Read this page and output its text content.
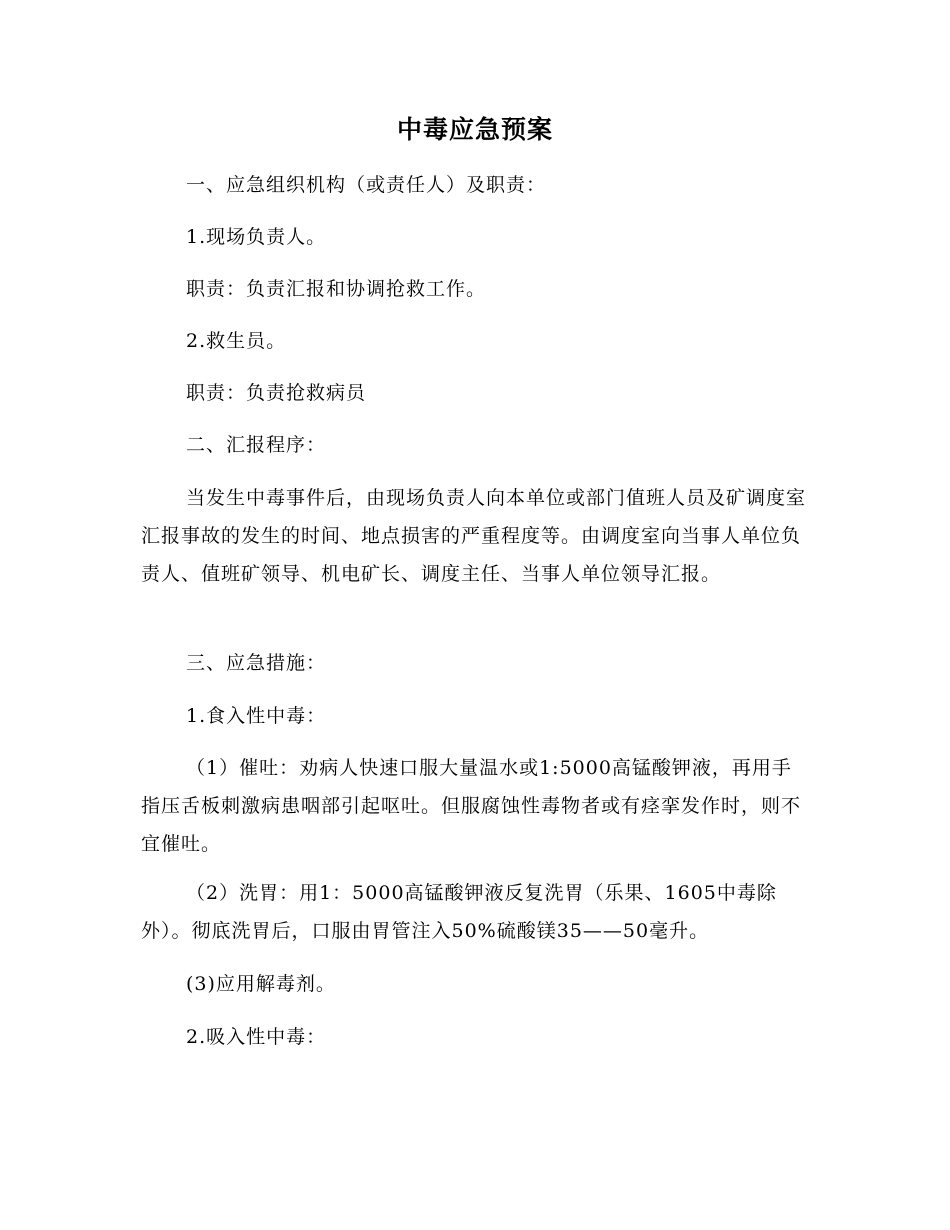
中毒应急预案
一、应急组织机构（或责任人）及职责：
1.现场负责人。
职责：负责汇报和协调抢救工作。
2.救生员。
职责：负责抢救病员
二、汇报程序：
当发生中毒事件后，由现场负责人向本单位或部门值班人员及矿调度室汇报事故的发生的时间、地点损害的严重程度等。由调度室向当事人单位负责人、值班矿领导、机电矿长、调度主任、当事人单位领导汇报。
三、应急措施：
1.食入性中毒：
（1）催吐：劝病人快速口服大量温水或1:5000高锰酸钾液，再用手指压舌板刺激病患咽部引起呕吐。但服腐蚀性毒物者或有痉挛发作时，则不宜催吐。
（2）洗胃：用1：5000高锰酸钾液反复洗胃（乐果、1605中毒除外）。彻底洗胃后，口服由胃管注入50%硫酸镁35——50毫升。
(3)应用解毒剂。
2.吸入性中毒：
